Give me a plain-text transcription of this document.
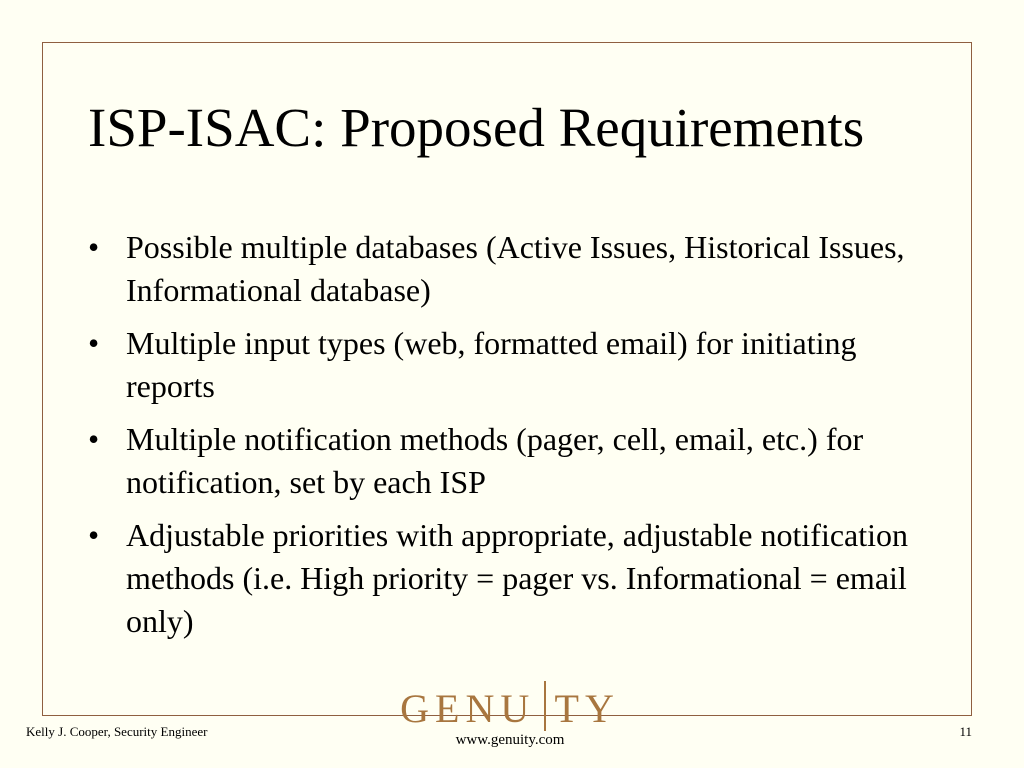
ISP-ISAC: Proposed Requirements
• Possible multiple databases (Active Issues, Historical Issues, Informational database)
• Multiple input types (web, formatted email) for initiating reports
• Multiple notification methods (pager, cell, email, etc.) for notification, set by each ISP
• Adjustable priorities with appropriate, adjustable notification methods (i.e. High priority = pager vs. Informational = email only)
GENU TY
www.genuity.com
Kelly J. Cooper, Security Engineer	11
